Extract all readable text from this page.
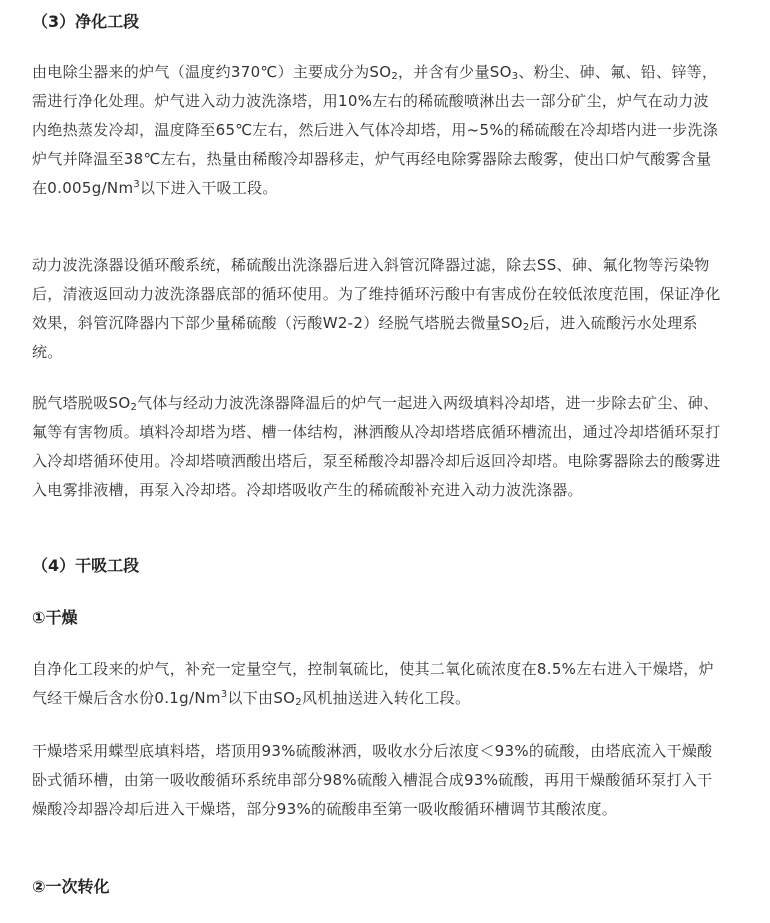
（3）净化工段
由电除尘器来的炉气（温度约370℃）主要成分为$SO_2$，并含有少量$SO_3$、粉尘、砷、氟、铅、锌等，需进行净化处理。炉气进入动力波洗涤塔，用10%左右的稀硫酸喷淋出去一部分矿尘，炉气在动力波内绝热蒸发冷却，温度降至65℃左右，然后进入气体冷却塔，用~5%的稀硫酸在冷却塔内进一步洗涤炉气并降温至38℃左右，热量由稀酸冷却器移走，炉气再经电除雾器除去酸雾，使出口炉气酸雾含量在0.005g/Nm$^3$以下进入干吸工段。
动力波洗涤器设循环酸系统，稀硫酸出洗涤器后进入斜管沉降器过滤，除去SS、砷、氟化物等污染物后，清液返回动力波洗涤器底部的循环使用。为了维持循环污酸中有害成份在较低浓度范围，保证净化效果，斜管沉降器内下部少量稀硫酸（污酸W2-2）经脱气塔脱去微量$SO_2$后，进入硫酸污水处理系统。
脱气塔脱吸$SO_2$气体与经动力波洗涤器降温后的炉气一起进入两级填料冷却塔，进一步除去矿尘、砷、氟等有害物质。填料冷却塔为塔、槽一体结构，淋洒酸从冷却塔塔底循环槽流出，通过冷却塔循环泵打入冷却塔循环使用。冷却塔喷洒酸出塔后，泵至稀酸冷却器冷却后返回冷却塔。电除雾器除去的酸雾进入电雾排液槽，再泵入冷却塔。冷却塔吸收产生的稀硫酸补充进入动力波洗涤器。
（4）干吸工段
①干燥
自净化工段来的炉气，补充一定量空气，控制氧硫比，使其二氧化硫浓度在8.5%左右进入干燥塔，炉气经干燥后含水份0.1g/Nm$^3$以下由$SO_2$风机抽送进入转化工段。
干燥塔采用蝶型底填料塔，塔顶用93%硫酸淋洒，吸收水分后浓度＜93%的硫酸，由塔底流入干燥酸卧式循环槽，由第一吸收酸循环系统串部分98%硫酸入槽混合成93%硫酸，再用干燥酸循环泵打入干燥酸冷却器冷却后进入干燥塔，部分93%的硫酸串至第一吸收酸循环槽调节其酸浓度。
②一次转化
